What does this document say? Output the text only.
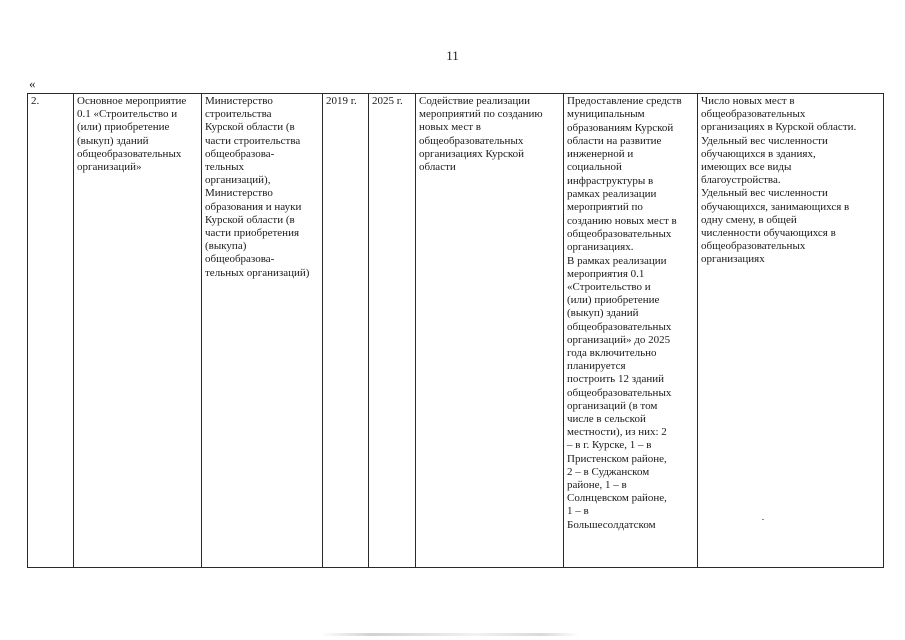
11
«
2.	Основное мероприятие
0.1 «Строительство и
(или) приобретение
(выкуп) зданий
общеобразовательных
организаций»

Министерство
строительства
Курской области (в
части строительства
общеобразова-
тельных
организаций),
Министерство
образования и науки
Курской области (в
части приобретения
(выкупа)
общеобразова-
тельных организаций)

2019 г.	2025 г.	Содействие реализации
мероприятий по созданию
новых мест в
общеобразовательных
организациях Курской
области

Предоставление средств
муниципальным
образованиям Курской
области на развитие
инженерной и
социальной
инфраструктуры в
рамках реализации
мероприятий по
созданию новых мест в
общеобразовательных
организациях.
В рамках реализации
мероприятия 0.1
«Строительство и
(или) приобретение
(выкуп) зданий
общеобразовательных
организаций» до 2025
года включительно
планируется
построить 12 зданий
общеобразовательных
организаций (в том
числе в сельской
местности), из них: 2
– в г. Курске, 1 – в
Пристенском районе,
2 – в Суджанском
районе, 1 – в
Солнцевском районе,
1 – в
Большесолдатском

Число новых мест в
общеобразовательных
организациях в Курской области.
Удельный вес численности
обучающихся в зданиях,
имеющих все виды
благоустройства.
Удельный вес численности
обучающихся, занимающихся в
одну смену, в общей
численности обучающихся в
общеобразовательных
организациях
